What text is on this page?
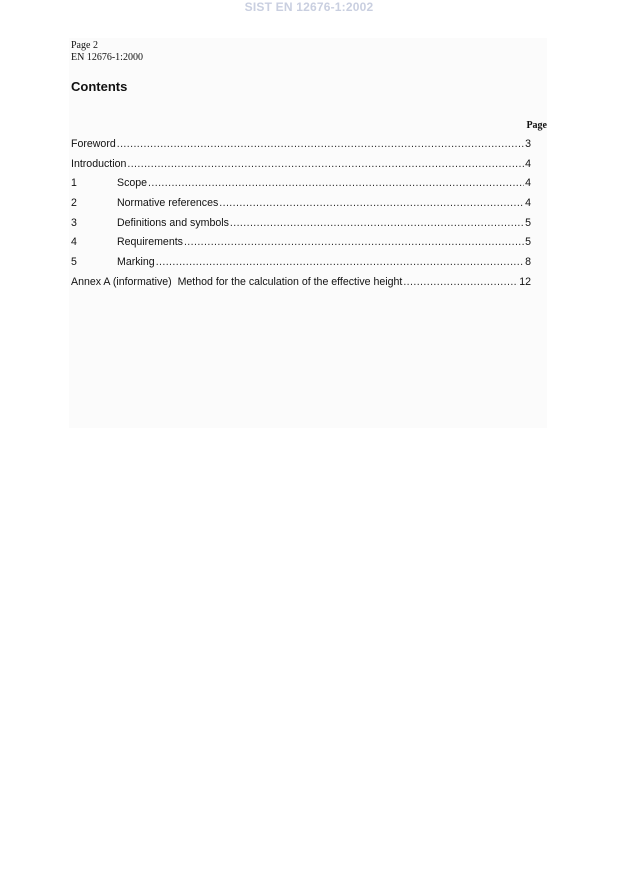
SIST EN 12676-1:2002
Page 2
EN 12676-1:2000
Contents
Page
Foreword .....	3
Introduction .....	4
1	Scope .....	4
2	Normative references .....	4
3	Definitions and symbols .....	5
4	Requirements .....	5
5	Marking .....	8
Annex A (informative)  Method for the calculation of the effective height .....	12
